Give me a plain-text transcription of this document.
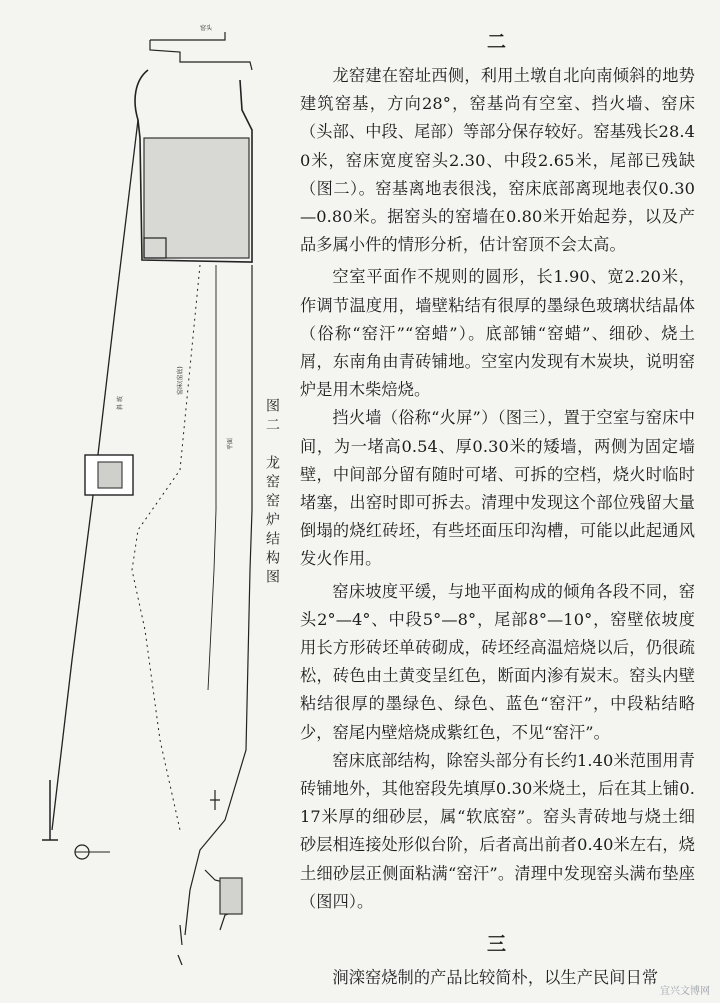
窑头
斜 坡
窑床(窑底)
平面 图二　龙窑窑炉结构图
二

龙窑建在窑址西侧，利用土墩自北向南倾斜的地势建筑窑基，方向28°，窑基尚有空室、挡火墙、窑床（头部、中段、尾部）等部分保存较好。窑基残长28.40米，窑床宽度窑头2.30、中段2.65米，尾部已残缺（图二）。窑基离地表很浅，窑床底部离现地表仅0.30—0.80米。据窑头的窑墙在0.80米开始起券，以及产品多属小件的情形分析，估计窑顶不会太高。

空室平面作不规则的圆形，长1.90、宽2.20米，作调节温度用，墙壁粘结有很厚的墨绿色玻璃状结晶体（俗称“窑汗”“窑蜡”）。底部铺“窑蜡”、细砂、烧土屑，东南角由青砖铺地。空室内发现有木炭块，说明窑炉是用木柴焙烧。

挡火墙（俗称“火屏”）（图三），置于空室与窑床中间，为一堵高0.54、厚0.30米的矮墙，两侧为固定墙壁，中间部分留有随时可堵、可拆的空档，烧火时临时堵塞，出窑时即可拆去。清理中发现这个部位残留大量倒塌的烧红砖坯，有些坯面压印沟槽，可能以此起通风发火作用。

窑床坡度平缓，与地平面构成的倾角各段不同，窑头2°—4°、中段5°—8°，尾部8°—10°，窑壁依坡度用长方形砖坯单砖砌成，砖坯经高温焙烧以后，仍很疏松，砖色由土黄变呈红色，断面内渗有炭末。窑头内壁粘结很厚的墨绿色、绿色、蓝色“窑汗”，中段粘结略少，窑尾内壁焙烧成紫红色，不见“窑汗”。

窑床底部结构，除窑头部分有长约1.40米范围用青砖铺地外，其他窑段先填厚0.30米烧土，后在其上铺0.17米厚的细砂层，属“软底窑”。窑头青砖地与烧土细砂层相连接处形似台阶，后者高出前者0.40米左右，烧土细砂层正侧面粘满“窑汗”。清理中发现窑头满布垫座（图四）。

三

涧滦窑烧制的产品比较简朴，以生产民间日常

宜兴文博网
